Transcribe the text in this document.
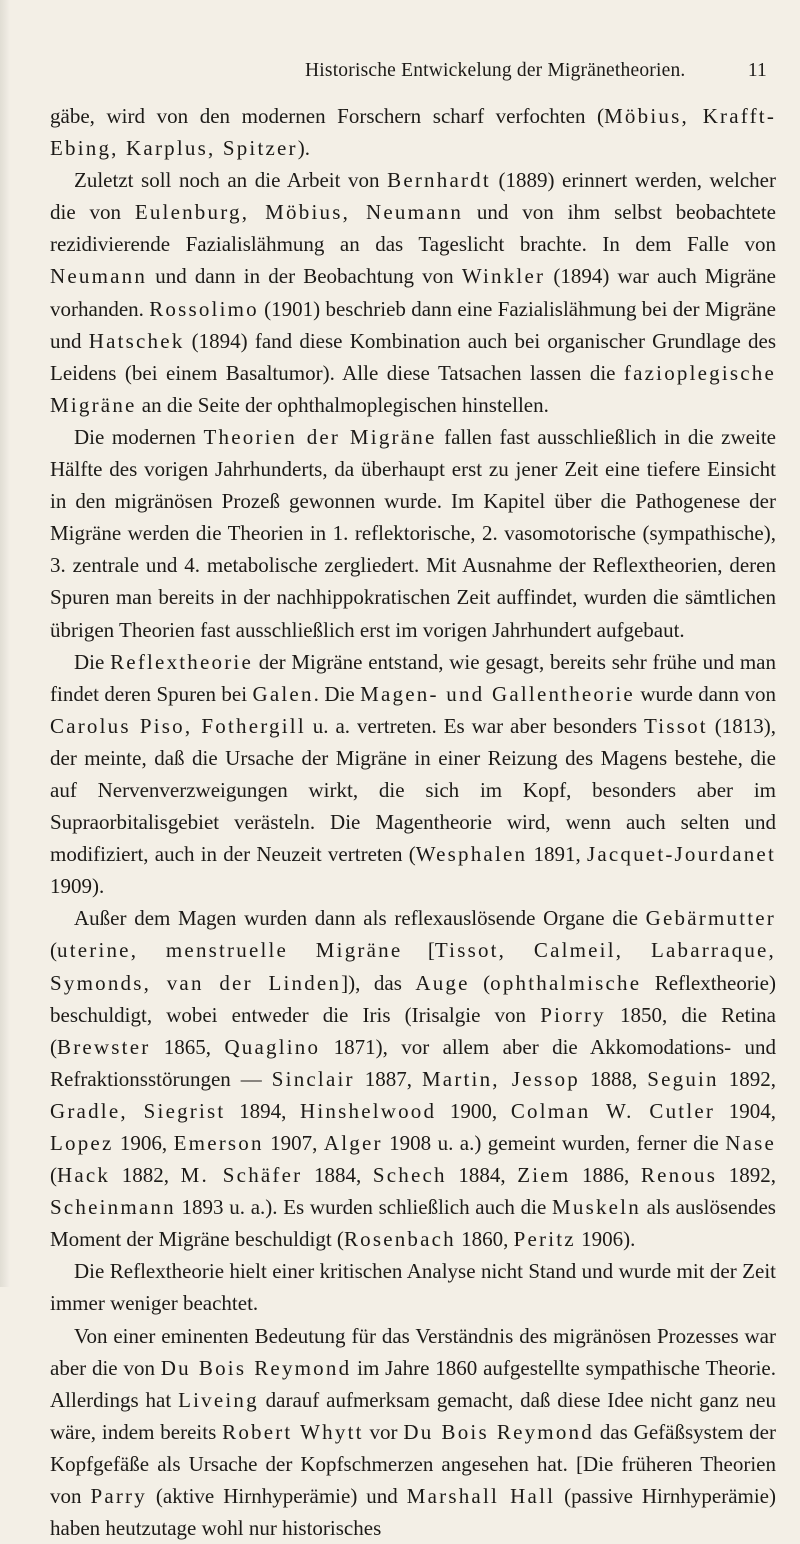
Historische Entwickelung der Migränetheorien.	11

gäbe, wird von den modernen Forschern scharf verfochten (Möbius, Krafft-Ebing, Karplus, Spitzer).

Zuletzt soll noch an die Arbeit von Bernhardt (1889) erinnert werden, welcher die von Eulenburg, Möbius, Neumann und von ihm selbst beobachtete rezidivierende Fazialislähmung an das Tageslicht brachte. In dem Falle von Neumann und dann in der Beobachtung von Winkler (1894) war auch Migräne vorhanden. Rossolimo (1901) beschrieb dann eine Fazialislähmung bei der Migräne und Hatschek (1894) fand diese Kombination auch bei organischer Grundlage des Leidens (bei einem Basaltumor). Alle diese Tatsachen lassen die fazioplegische Migräne an die Seite der ophthalmoplegischen hinstellen.

Die modernen Theorien der Migräne fallen fast ausschließlich in die zweite Hälfte des vorigen Jahrhunderts, da überhaupt erst zu jener Zeit eine tiefere Einsicht in den migränösen Prozeß gewonnen wurde. Im Kapitel über die Pathogenese der Migräne werden die Theorien in 1. reflektorische, 2. vasomotorische (sympathische), 3. zentrale und 4. metabolische zergliedert. Mit Ausnahme der Reflextheorien, deren Spuren man bereits in der nachhippokratischen Zeit auffindet, wurden die sämtlichen übrigen Theorien fast ausschließlich erst im vorigen Jahrhundert aufgebaut.

Die Reflextheorie der Migräne entstand, wie gesagt, bereits sehr frühe und man findet deren Spuren bei Galen. Die Magen- und Gallentheorie wurde dann von Carolus Piso, Fothergill u. a. vertreten. Es war aber besonders Tissot (1813), der meinte, daß die Ursache der Migräne in einer Reizung des Magens bestehe, die auf Nervenverzweigungen wirkt, die sich im Kopf, besonders aber im Supraorbitalisgebiet verästeln. Die Magentheorie wird, wenn auch selten und modifiziert, auch in der Neuzeit vertreten (Wesphalen 1891, Jacquet-Jourdanet 1909).

Außer dem Magen wurden dann als reflexauslösende Organe die Gebärmutter (uterine, menstruelle Migräne [Tissot, Calmeil, Labarraque, Symonds, van der Linden]), das Auge (ophthalmische Reflextheorie) beschuldigt, wobei entweder die Iris (Irisalgie von Piorry 1850, die Retina (Brewster 1865, Quaglino 1871), vor allem aber die Akkomodations- und Refraktionsstörungen — Sinclair 1887, Martin, Jessop 1888, Seguin 1892, Gradle, Siegrist 1894, Hinshelwood 1900, Colman W. Cutler 1904, Lopez 1906, Emerson 1907, Alger 1908 u. a.) gemeint wurden, ferner die Nase (Hack 1882, M. Schäfer 1884, Schech 1884, Ziem 1886, Renous 1892, Scheinmann 1893 u. a.). Es wurden schließlich auch die Muskeln als auslösendes Moment der Migräne beschuldigt (Rosenbach 1860, Peritz 1906).

Die Reflextheorie hielt einer kritischen Analyse nicht Stand und wurde mit der Zeit immer weniger beachtet.

Von einer eminenten Bedeutung für das Verständnis des migränösen Prozesses war aber die von Du Bois Reymond im Jahre 1860 aufgestellte sympathische Theorie. Allerdings hat Liveing darauf aufmerksam gemacht, daß diese Idee nicht ganz neu wäre, indem bereits Robert Whytt vor Du Bois Reymond das Gefäßsystem der Kopfgefäße als Ursache der Kopfschmerzen angesehen hat. [Die früheren Theorien von Parry (aktive Hirnhyperämie) und Marshall Hall (passive Hirnhyperämie) haben heutzutage wohl nur historisches
